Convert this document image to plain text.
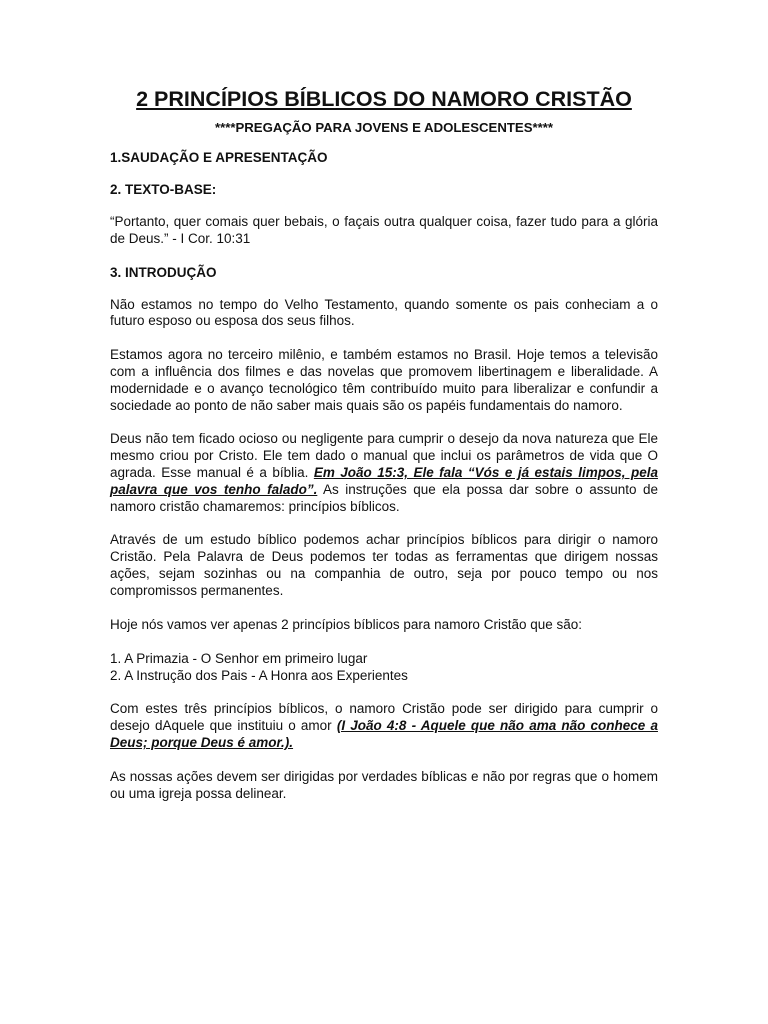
2 PRINCÍPIOS BÍBLICOS DO NAMORO CRISTÃO
****PREGAÇÃO PARA JOVENS E ADOLESCENTES****
1.SAUDAÇÃO E APRESENTAÇÃO
2. TEXTO-BASE:

“Portanto, quer comais quer bebais, o façais outra qualquer coisa, fazer tudo para a glória de Deus.” - I Cor. 10:31

3. INTRODUÇÃO

Não estamos no tempo do Velho Testamento, quando somente os pais conheciam a o futuro esposo ou esposa dos seus filhos.

Estamos agora no terceiro milênio, e também estamos no Brasil. Hoje temos a televisão com a influência dos filmes e das novelas que promovem libertinagem e liberalidade. A modernidade e o avanço tecnológico têm contribuído muito para liberalizar e confundir a sociedade ao ponto de não saber mais quais são os papéis fundamentais do namoro.

Deus não tem ficado ocioso ou negligente para cumprir o desejo da nova natureza que Ele mesmo criou por Cristo. Ele tem dado o manual que inclui os parâmetros de vida que O agrada. Esse manual é a bíblia. Em João 15:3, Ele fala “Vós e já estais limpos, pela palavra que vos tenho falado”. As instruções que ela possa dar sobre o assunto de namoro cristão chamaremos: princípios bíblicos.

Através de um estudo bíblico podemos achar princípios bíblicos para dirigir o namoro Cristão. Pela Palavra de Deus podemos ter todas as ferramentas que dirigem nossas ações, sejam sozinhas ou na companhia de outro, seja por pouco tempo ou nos compromissos permanentes.

Hoje nós vamos ver apenas 2 princípios bíblicos para namoro Cristão que são:

1. A Primazia - O Senhor em primeiro lugar
2. A Instrução dos Pais - A Honra aos Experientes

Com estes três princípios bíblicos, o namoro Cristão pode ser dirigido para cumprir o desejo dAquele que instituiu o amor (I João 4:8 - Aquele que não ama não conhece a Deus; porque Deus é amor.).

As nossas ações devem ser dirigidas por verdades bíblicas e não por regras que o homem ou uma igreja possa delinear.
